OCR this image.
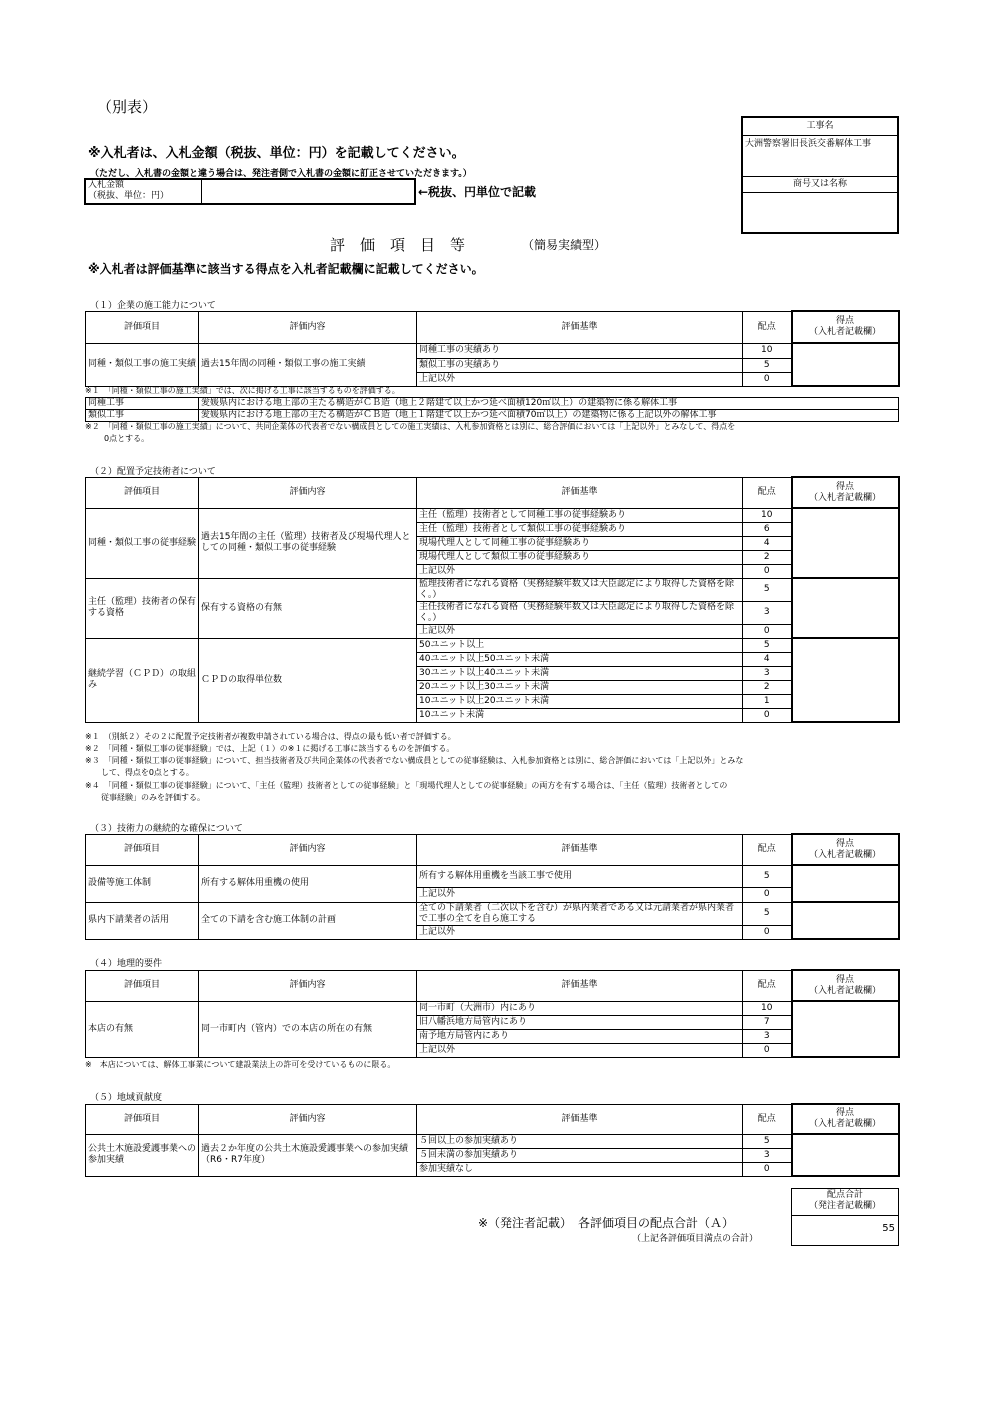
（別表）
※入札者は、入札金額（税抜、単位：円）を記載してください。
（ただし、入札書の金額と違う場合は、発注者側で入札書の金額に訂正させていただきます。）
入札金額
（税抜、単位：円）	←税抜、円単位で記載
工事名
大洲警察署旧長浜交番解体工事
商号又は名称
評　価　項　目　等	（簡易実績型）
※入札者は評価基準に該当する得点を入札者記載欄に記載してください。
（１）企業の施工能力について
評価項目	評価内容	評価基準	配点	得点
（入札者記載欄）

同種・類似工事の施工実績	過去15年間の同種・類似工事の施工実績	同種工事の実績あり	10	
		類似工事の実績あり	5	
		上記以外	0	
※１　「同種・類似工事の施工実績」では、次に掲げる工事に該当するものを評価する。
同種工事	愛媛県内における地上部の主たる構造がＣＢ造（地上２階建て以上かつ延べ面積120㎡以上）の建築物に係る解体工事
類似工事	愛媛県内における地上部の主たる構造がＣＢ造（地上１階建て以上かつ延べ面積70㎡以上）の建築物に係る上記以外の解体工事
※２　「同種・類似工事の施工実績」について、共同企業体の代表者でない構成員としての施工実績は、入札参加資格とは別に、総合評価においては「上記以外」とみなして、得点を
0点とする。
（２）配置予定技術者について
評価項目	評価内容	評価基準	配点	得点
（入札者記載欄）

同種・類似工事の従事経験	過去15年間の主任（監理）技術者及び現場代理人としての同種・類似工事の従事経験	主任（監理）技術者として同種工事の従事経験あり	10	
		主任（監理）技術者として類似工事の従事経験あり	6	
		現場代理人として同種工事の従事経験あり	4	
		現場代理人として類似工事の従事経験あり	2	
		上記以外	0	
主任（監理）技術者の保有する資格	保有する資格の有無	監理技術者になれる資格（実務経験年数又は大臣認定により取得した資格を除く。）	5	
		主任技術者になれる資格（実務経験年数又は大臣認定により取得した資格を除く。）	3	
		上記以外	0	
継続学習（ＣＰＤ）の取組み	ＣＰＤの取得単位数	50ユニット以上	5	
		40ユニット以上50ユニット未満	4	
		30ユニット以上40ユニット未満	3	
		20ユニット以上30ユニット未満	2	
		10ユニット以上20ユニット未満	1	
		10ユニット未満	0	
※１　（別紙２）その２に配置予定技術者が複数申請されている場合は、得点の最も低い者で評価する。
※２　「同種・類似工事の従事経験」では、上記（１）の※１に掲げる工事に該当するものを評価する。
※３　「同種・類似工事の従事経験」について、担当技術者及び共同企業体の代表者でない構成員としての従事経験は、入札参加資格とは別に、総合評価においては「上記以外」とみな
　　して、得点を0点とする。
※４　「同種・類似工事の従事経験」について、「主任（監理）技術者としての従事経験」と「現場代理人としての従事経験」の両方を有する場合は、「主任（監理）技術者としての
　　従事経験」のみを評価する。
（３）技術力の継続的な確保について
評価項目	評価内容	評価基準	配点	得点
（入札者記載欄）

設備等施工体制	所有する解体用重機の使用	所有する解体用重機を当該工事で使用	5	
		上記以外	0	
県内下請業者の活用	全ての下請を含む施工体制の計画	全ての下請業者（二次以下を含む）が県内業者である又は元請業者が県内業者で工事の全てを自ら施工する	5	
		上記以外	0	
（４）地理的要件
評価項目	評価内容	評価基準	配点	得点
（入札者記載欄）

本店の有無	同一市町内（管内）での本店の所在の有無	同一市町（大洲市）内にあり	10	
		旧八幡浜地方局管内にあり	7	
		南予地方局管内にあり	3	
		上記以外	0	
※　本店については、解体工事業について建設業法上の許可を受けているものに限る。
（５）地域貢献度
評価項目	評価内容	評価基準	配点	得点
（入札者記載欄）

公共土木施設愛護事業への参加実績	過去２か年度の公共土木施設愛護事業への参加実績（R6・R7年度）	５回以上の参加実績あり	5	
		５回未満の参加実績あり	3	
		参加実績なし	0	
配点合計
（発注者記載欄）
55
※（発注者記載）　各評価項目の配点合計（Ａ）
（上記各評価項目満点の合計）
